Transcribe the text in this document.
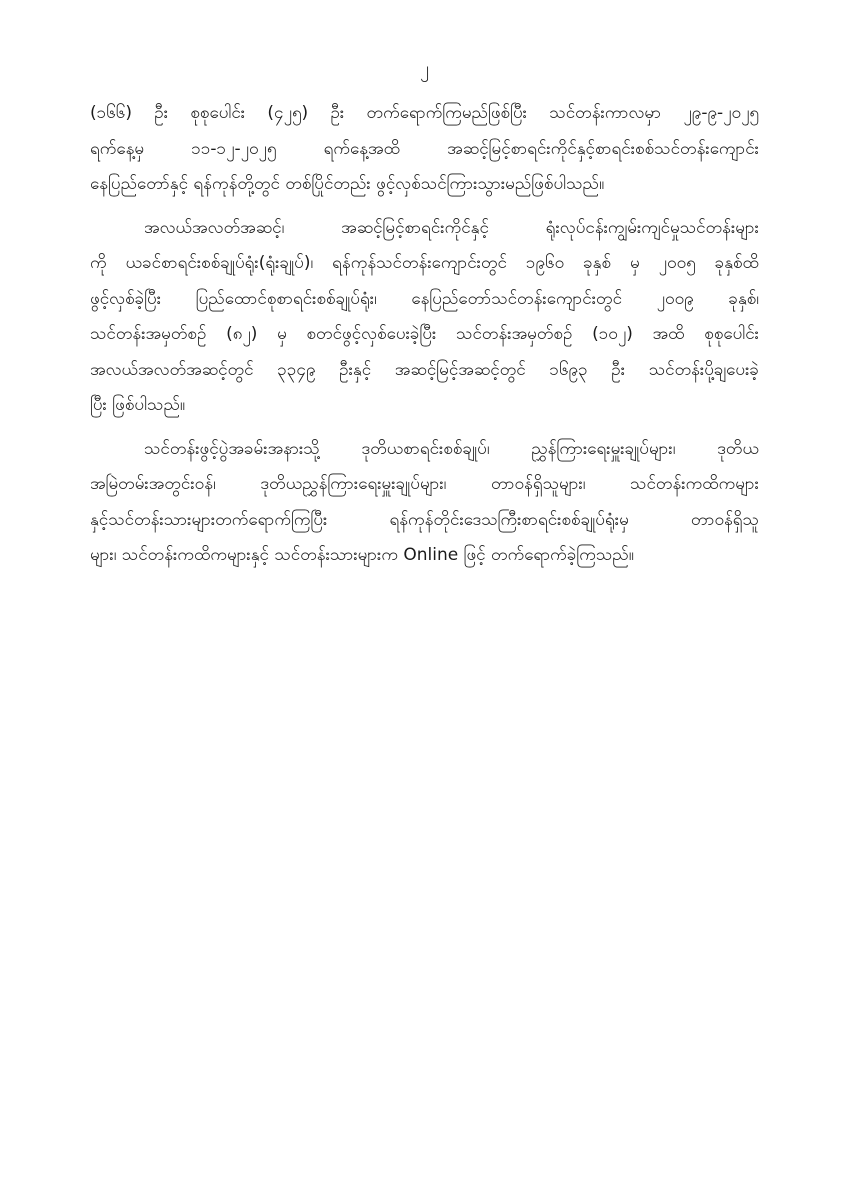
၂
(၁၆၆) ဦး စုစုပေါင်း (၄၂၅) ဦး တက်ရောက်ကြမည်ဖြစ်ပြီး သင်တန်းကာလမှာ ၂၉-၉-၂၀၂၅
ရက်နေ့မှ ၁၁-၁၂-၂၀၂၅ ရက်နေ့အထိ အဆင့်မြင့်စာရင်းကိုင်နှင့်စာရင်းစစ်သင်တန်းကျောင်း
နေပြည်တော်နှင့် ရန်ကုန်တို့တွင် တစ်ပြိုင်တည်း ဖွင့်လှစ်သင်ကြားသွားမည်ဖြစ်ပါသည်။
အလယ်အလတ်အဆင့်၊ အဆင့်မြင့်စာရင်းကိုင်နှင့် ရုံးလုပ်ငန်းကျွမ်းကျင်မှုသင်တန်းများ
ကို ယခင်စာရင်းစစ်ချုပ်ရုံး(ရုံးချုပ်)၊ ရန်ကုန်သင်တန်းကျောင်းတွင် ၁၉၆၀ ခုနှစ် မှ ၂၀၀၅ ခုနှစ်ထိ
ဖွင့်လှစ်ခဲ့ပြီး ပြည်ထောင်စုစာရင်းစစ်ချုပ်ရုံး၊ နေပြည်တော်သင်တန်းကျောင်းတွင် ၂၀၀၉ ခုနှစ်၊
သင်တန်းအမှတ်စဉ် (၈၂) မှ စတင်ဖွင့်လှစ်ပေးခဲ့ပြီး သင်တန်းအမှတ်စဉ် (၁၀၂) အထိ စုစုပေါင်း
အလယ်အလတ်အဆင့်တွင် ၃၃၄၉ ဦးနှင့် အဆင့်မြင့်အဆင့်တွင် ၁၆၉၃ ဦး သင်တန်းပို့ချပေးခဲ့
ပြီး ဖြစ်ပါသည်။
သင်တန်းဖွင့်ပွဲအခမ်းအနားသို့ ဒုတိယစာရင်းစစ်ချုပ်၊ ညွှန်ကြားရေးမှူးချုပ်များ၊ ဒုတိယ
အမြဲတမ်းအတွင်းဝန်၊ ဒုတိယညွှန်ကြားရေးမှူးချုပ်များ၊ တာဝန်ရှိသူများ၊ သင်တန်းကထိကများ
နှင့်သင်တန်းသားများတက်ရောက်ကြပြီး ရန်ကုန်တိုင်းဒေသကြီးစာရင်းစစ်ချုပ်ရုံးမှ တာဝန်ရှိသူ
များ၊ သင်တန်းကထိကများနှင့် သင်တန်းသားများက Online ဖြင့် တက်ရောက်ခဲ့ကြသည်။
